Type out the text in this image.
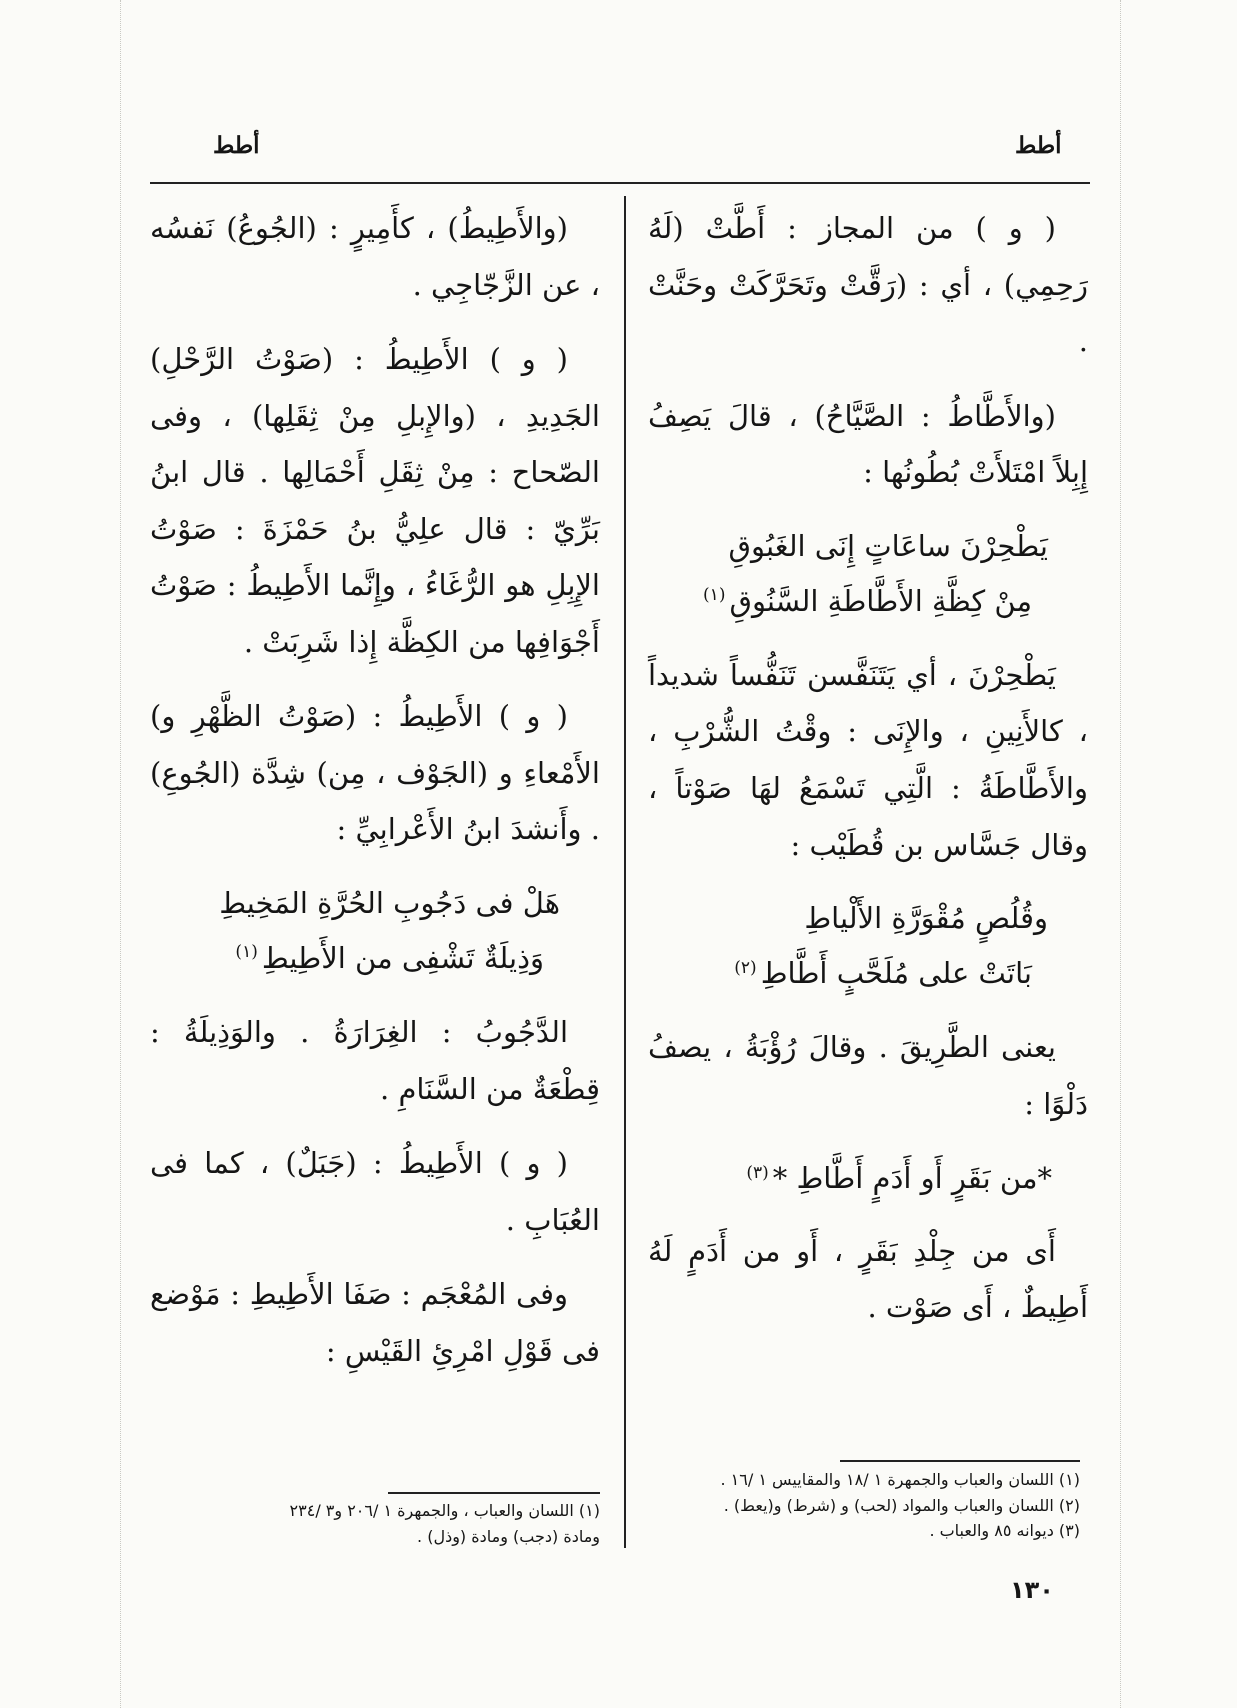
أطط
أطط

( و ) من المجاز : أَطَّتْ (لَهُ رَحِمِي) ، أي : (رَقَّتْ وتَحَرَّكَتْ وحَنَّتْ .

(والأَطَّاطُ : الصَّيَّاحُ) ، قالَ يَصِفُ إِبِلاً امْتَلأَتْ بُطُونُها :

يَطْحِرْنَ ساعَاتٍ إِنَى الغَبُوقِ
مِنْ كِظَّةِ الأَطَّاطَةِ السَّنُوقِ$^{(١)}$

يَطْحِرْنَ ، أي يَتَنَفَّسن تَنَفُّساً شديداً ، كالأَنِينِ ، والإِنَى : وقْتُ الشُّرْبِ ، والأَطَّاطَةُ : الَّتِي تَسْمَعُ لهَا صَوْتاً ، وقال جَسَّاس بن قُطَيْب :

وقُلُصٍ مُقْوَرَّةِ الأَلْياطِ
بَاتَتْ على مُلَحَّبٍ أَطَّاطِ$^{(٢)}$

يعنى الطَّرِيقَ . وقالَ رُؤْبَةُ ، يصفُ دَلْوًا :

*من بَقَرٍ أَو أَدَمٍ أَطَّاطِ *$^{(٣)}$

أَى من جِلْدِ بَقَرٍ ، أَو من أَدَمٍ لَهُ أَطِيطٌ ، أَى صَوْت .

(والأَطِيطُ) ، كأَمِيرٍ : (الجُوعُ) نَفسُه ، عن الزَّجّاجِي .

( و ) الأَطِيطُ : (صَوْتُ الرَّحْلِ) الجَدِيدِ ، (والإِبلِ مِنْ ثِقَلِها) ، وفى الصّحاح : مِنْ ثِقَلِ أَحْمَالِها . قال ابنُ بَرِّيّ : قال علِيُّ بنُ حَمْزَةَ : صَوْتُ الإِبِلِ هو الرُّغَاءُ ، وإِنَّما الأَطِيطُ : صَوْتُ أَجْوَافِها من الكِظَّة إِذا شَرِبَتْ .

( و ) الأَطِيطُ : (صَوْتُ الظَّهْرِ و) الأَمْعاءِ و (الجَوْف ، مِن) شِدَّة (الجُوعِ) . وأَنشدَ ابنُ الأَعْرابِيِّ :

هَلْ فى دَجُوبِ الحُرَّةِ المَخِيطِ
وَذِيلَةٌ تَشْفِى من الأَطِيطِ$^{(١)}$

الدَّجُوبُ : الغِرَارَةُ . والوَذِيلَةُ : قِطْعَةٌ من السَّنَامِ .

( و ) الأَطِيطُ : (جَبَلٌ) ، كما فى العُبَابِ .

وفى المُعْجَم : صَفَا الأَطِيطِ : مَوْضع فى قَوْلِ امْرِئِ القَيْسِ :

(١) اللسان والعباب والجمهرة ١ /١٨ والمقاييس ١ /١٦ .
(٢) اللسان والعباب والمواد (لحب) و (شرط) و(يعط) .
(٣) ديوانه ٨٥ والعباب .
(١) اللسان والعباب ، والجمهرة ١ /٢٠٦ و٣ /٢٣٤
ومادة (دجب) ومادة (وذل) .
١٣٠
